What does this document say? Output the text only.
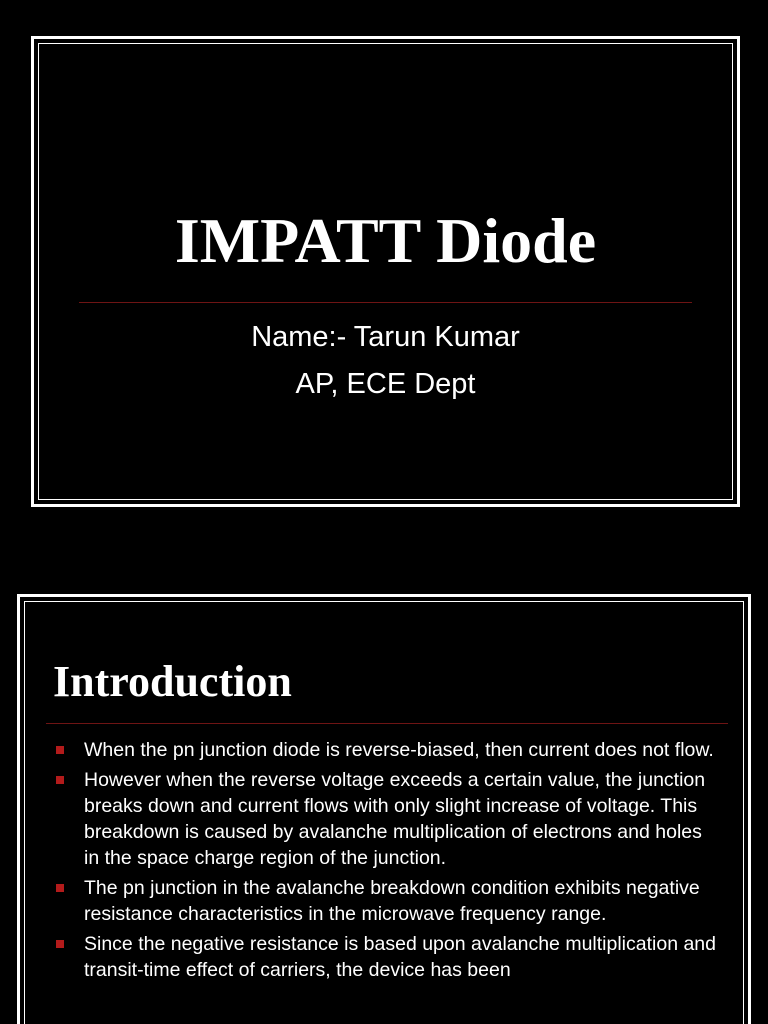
IMPATT Diode

Name:- Tarun Kumar

AP, ECE Dept

Introduction
When the pn junction diode is reverse-biased, then current does not flow.
However when the reverse voltage exceeds a certain value, the junction breaks down and current flows with only slight increase of voltage. This breakdown is caused by avalanche multiplication of electrons and holes in the space charge region of the junction.
The pn junction in the avalanche breakdown condition exhibits negative resistance characteristics in the microwave frequency range.
Since the negative resistance is based upon avalanche multiplication and transit-time effect of carriers, the device has been
